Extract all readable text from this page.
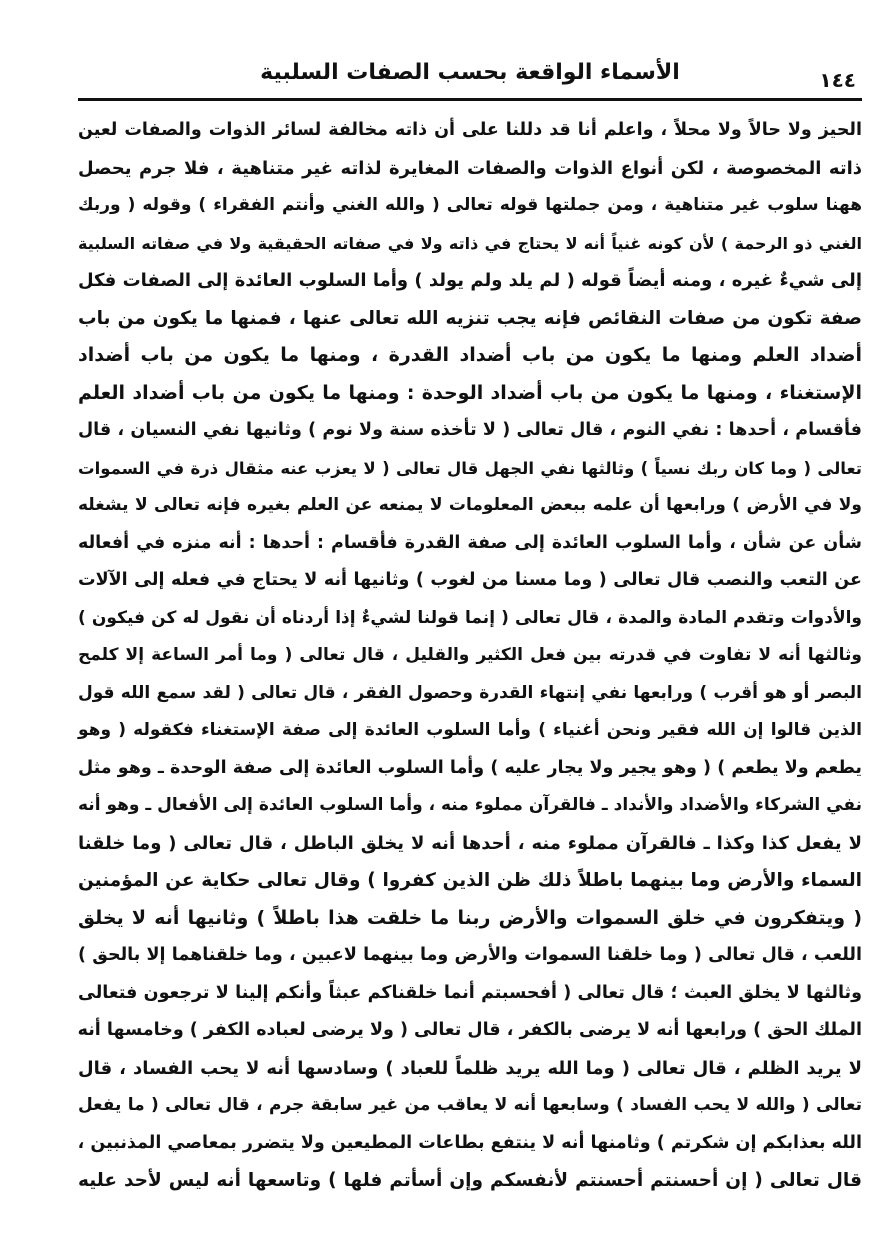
١٤٤
الأسماء الواقعة بحسب الصفات السلبية
الحيز ولا حالاً ولا محلاً ، واعلم أنا قد دللنا على أن ذاته مخالفة لسائر الذوات والصفات لعين
ذاته المخصوصة ، لكن أنواع الذوات والصفات المغايرة لذاته غير متناهية ، فلا جرم يحصل
ههنا سلوب غير متناهية ، ومن جملتها قوله تعالى ( والله الغني وأنتم الفقراء ) وقوله ( وربك
الغني ذو الرحمة ) لأن كونه غنياً أنه لا يحتاج في ذاته ولا في صفاته الحقيقية ولا في صفاته السلبية
إلى شيءٌ غيره ، ومنه أيضاً قوله ( لم يلد ولم يولد ) وأما السلوب العائدة إلى الصفات فكل
صفة تكون من صفات النقائص فإنه يجب تنزيه الله تعالى عنها ، فمنها ما يكون من باب
أضداد العلم ومنها ما يكون من باب أضداد القدرة ، ومنها ما يكون من باب أضداد
الإستغناء ، ومنها ما يكون من باب أضداد الوحدة : ومنها ما يكون من باب أضداد العلم
فأقسام ، أحدها : نفي النوم ، قال تعالى ( لا تأخذه سنة ولا نوم ) وثانيها نفي النسيان ، قال
تعالى ( وما كان ربك نسياً ) وثالثها نفي الجهل قال تعالى ( لا يعزب عنه مثقال ذرة في السموات
ولا في الأرض ) ورابعها أن علمه ببعض المعلومات لا يمنعه عن العلم بغيره فإنه تعالى لا يشغله
شأن عن شأن ، وأما السلوب العائدة إلى صفة القدرة فأقسام : أحدها : أنه منزه في أفعاله
عن التعب والنصب قال تعالى ( وما مسنا من لغوب ) وثانيها أنه لا يحتاج في فعله إلى الآلات
والأدوات وتقدم المادة والمدة ، قال تعالى ( إنما قولنا لشيءٌ إذا أردناه أن نقول له كن فيكون )
وثالثها أنه لا تفاوت في قدرته بين فعل الكثير والقليل ، قال تعالى ( وما أمر الساعة إلا كلمح
البصر أو هو أقرب ) ورابعها نفي إنتهاء القدرة وحصول الفقر ، قال تعالى ( لقد سمع الله قول
الذين قالوا إن الله فقير ونحن أغنياء ) وأما السلوب العائدة إلى صفة الإستغناء فكقوله ( وهو
يطعم ولا يطعم ) ( وهو يجير ولا يجار عليه ) وأما السلوب العائدة إلى صفة الوحدة ـ وهو مثل
نفي الشركاء والأضداد والأنداد ـ فالقرآن مملوء منه ، وأما السلوب العائدة إلى الأفعال ـ وهو أنه
لا يفعل كذا وكذا ـ فالقرآن مملوء منه ، أحدها أنه لا يخلق الباطل ، قال تعالى ( وما خلقنا
السماء والأرض وما بينهما باطلاً ذلك ظن الذين كفروا ) وقال تعالى حكاية عن المؤمنين
( ويتفكرون في خلق السموات والأرض ربنا ما خلقت هذا باطلاً ) وثانيها أنه لا يخلق
اللعب ، قال تعالى ( وما خلقنا السموات والأرض وما بينهما لاعبين ، وما خلقناهما إلا بالحق )
وثالثها لا يخلق العبث ؛ قال تعالى ( أفحسبتم أنما خلقناكم عبثاً وأنكم إلينا لا ترجعون فتعالى
الملك الحق ) ورابعها أنه لا يرضى بالكفر ، قال تعالى ( ولا يرضى لعباده الكفر ) وخامسها أنه
لا يريد الظلم ، قال تعالى ( وما الله يريد ظلماً للعباد ) وسادسها أنه لا يحب الفساد ، قال
تعالى ( والله لا يحب الفساد ) وسابعها أنه لا يعاقب من غير سابقة جرم ، قال تعالى ( ما يفعل
الله بعذابكم إن شكرتم ) وثامنها أنه لا ينتفع بطاعات المطيعين ولا يتضرر بمعاصي المذنبين ،
قال تعالى ( إن أحسنتم أحسنتم لأنفسكم وإن أسأتم فلها ) وتاسعها أنه ليس لأحد عليه
